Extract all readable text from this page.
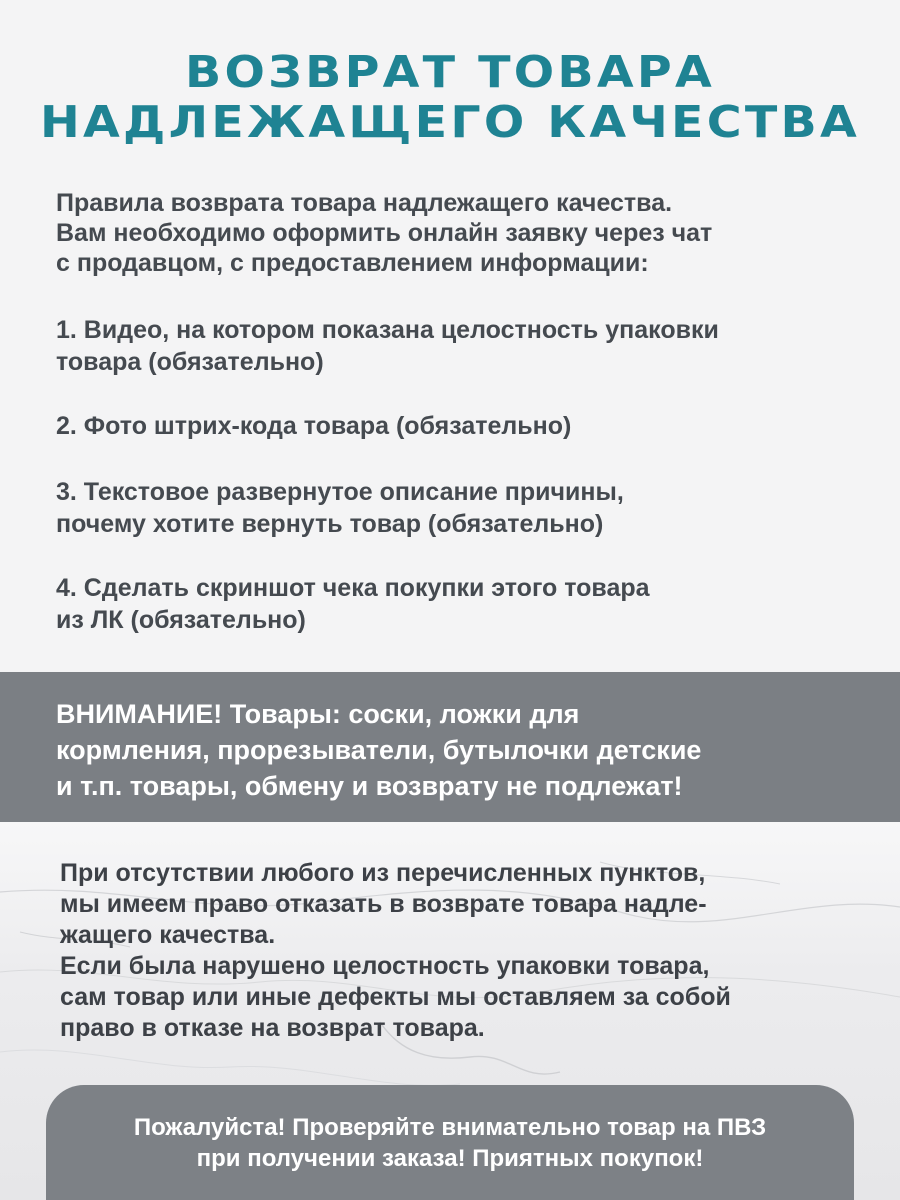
ВОЗВРАТ ТОВАРА
НАДЛЕЖАЩЕГО КАЧЕСТВА
Правила возврата товара надлежащего качества.
Вам необходимо оформить онлайн заявку через чат
с продавцом, с предоставлением информации:
1. Видео, на котором показана целостность упаковки
товара (обязательно)
2. Фото штрих-кода товара (обязательно)
3. Текстовое развернутое описание причины,
почему хотите вернуть товар (обязательно)
4. Сделать скриншот чека покупки этого товара
из ЛК (обязательно)
ВНИМАНИЕ! Товары: соски, ложки для
кормления, прорезыватели, бутылочки детские
и т.п. товары, обмену и возврату не подлежат!
При отсутствии любого из перечисленных пунктов,
мы имеем право отказать в возврате товара надле-
жащего качества.
Если была нарушено целостность упаковки товара,
сам товар или иные дефекты мы оставляем за собой
право в отказе на возврат товара.
Пожалуйста! Проверяйте внимательно товар на ПВЗ
при получении заказа! Приятных покупок!
